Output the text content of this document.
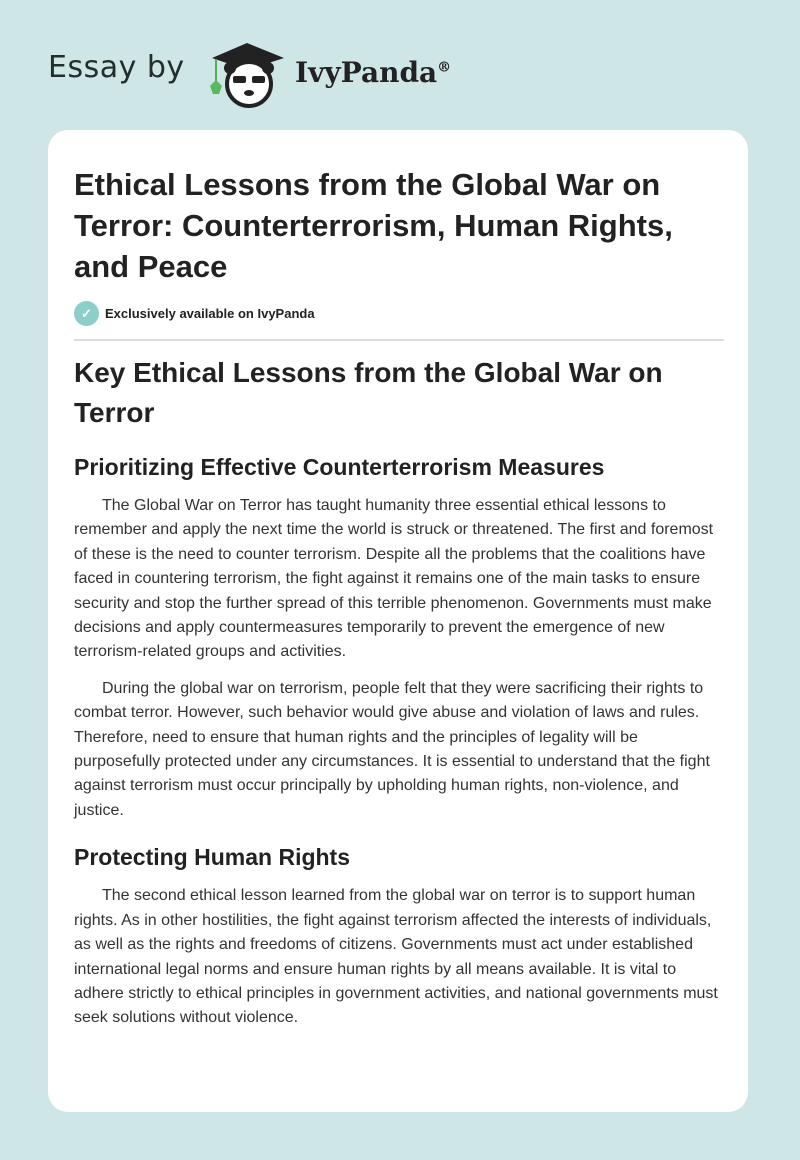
Essay by	IvyPanda®
Ethical Lessons from the Global War on Terror: Counterterrorism, Human Rights, and Peace
✓	Exclusively available on IvyPanda
Key Ethical Lessons from the Global War on Terror
Prioritizing Effective Counterterrorism Measures

The Global War on Terror has taught humanity three essential ethical lessons to remember and apply the next time the world is struck or threatened. The first and foremost of these is the need to counter terrorism. Despite all the problems that the coalitions have faced in countering terrorism, the fight against it remains one of the main tasks to ensure security and stop the further spread of this terrible phenomenon. Governments must make decisions and apply countermeasures temporarily to prevent the emergence of new terrorism-related groups and activities.

During the global war on terrorism, people felt that they were sacrificing their rights to combat terror. However, such behavior would give abuse and violation of laws and rules. Therefore, need to ensure that human rights and the principles of legality will be purposefully protected under any circumstances. It is essential to understand that the fight against terrorism must occur principally by upholding human rights, non-violence, and justice.

Protecting Human Rights

The second ethical lesson learned from the global war on terror is to support human rights. As in other hostilities, the fight against terrorism affected the interests of individuals, as well as the rights and freedoms of citizens. Governments must act under established international legal norms and ensure human rights by all means available. It is vital to adhere strictly to ethical principles in government activities, and national governments must seek solutions without violence.
